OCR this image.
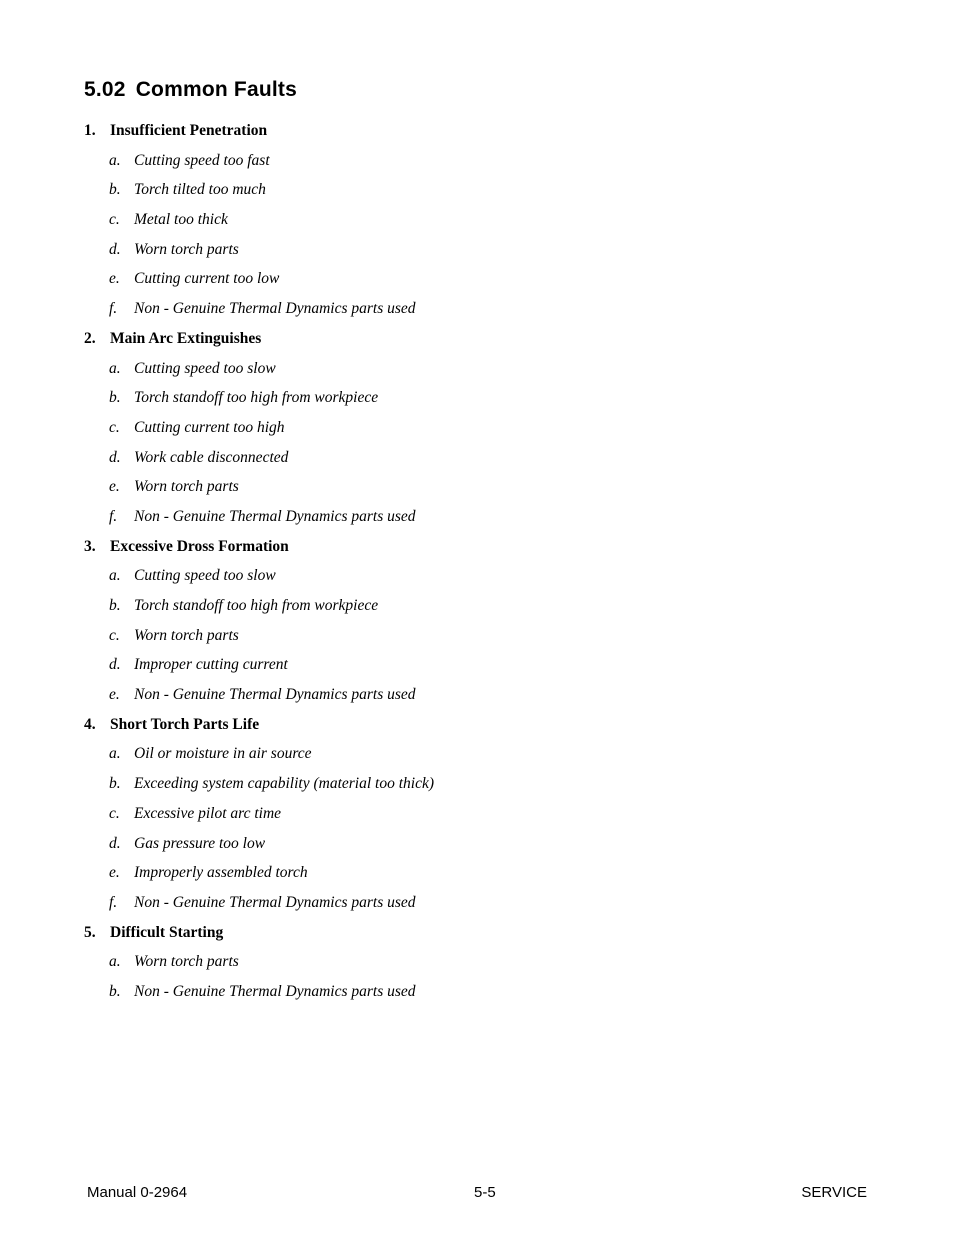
5.02 Common Faults
1. Insufficient Penetration
a. Cutting speed too fast
b. Torch tilted too much
c. Metal too thick
d. Worn torch parts
e. Cutting current too low
f. Non - Genuine Thermal Dynamics parts used
2. Main Arc Extinguishes
a. Cutting speed too slow
b. Torch standoff too high from workpiece
c. Cutting current too high
d. Work cable disconnected
e. Worn torch parts
f. Non - Genuine Thermal Dynamics parts used
3. Excessive Dross Formation
a. Cutting speed too slow
b. Torch standoff too high from workpiece
c. Worn torch parts
d. Improper cutting current
e. Non - Genuine Thermal Dynamics parts used
4. Short Torch Parts Life
a. Oil or moisture in air source
b. Exceeding system capability (material too thick)
c. Excessive pilot arc time
d. Gas pressure too low
e. Improperly assembled torch
f. Non - Genuine Thermal Dynamics parts used
5. Difficult Starting
a. Worn torch parts
b. Non - Genuine Thermal Dynamics parts used
Manual 0-2964	5-5	SERVICE
